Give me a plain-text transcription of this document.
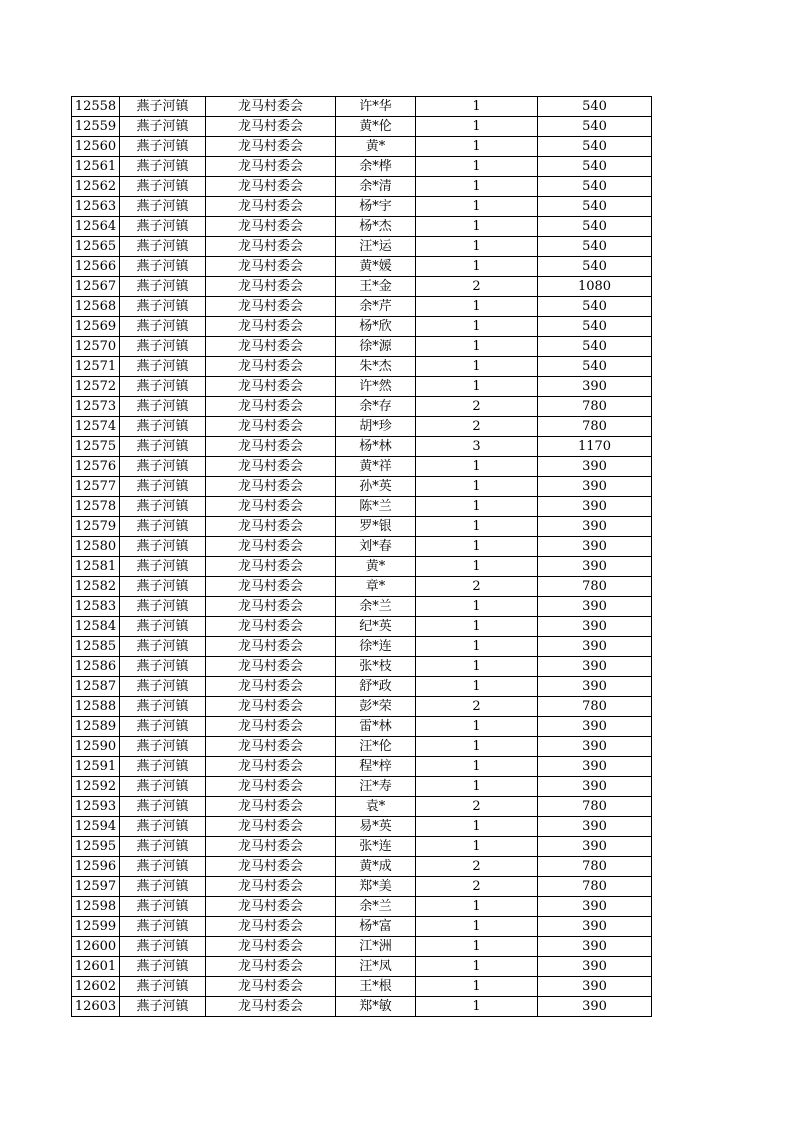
12558	燕子河镇	龙马村委会	许*华	1	540
12559	燕子河镇	龙马村委会	黄*伦	1	540
12560	燕子河镇	龙马村委会	黄*	1	540
12561	燕子河镇	龙马村委会	余*桦	1	540
12562	燕子河镇	龙马村委会	余*清	1	540
12563	燕子河镇	龙马村委会	杨*宇	1	540
12564	燕子河镇	龙马村委会	杨*杰	1	540
12565	燕子河镇	龙马村委会	汪*运	1	540
12566	燕子河镇	龙马村委会	黄*媛	1	540
12567	燕子河镇	龙马村委会	王*金	2	1080
12568	燕子河镇	龙马村委会	余*芹	1	540
12569	燕子河镇	龙马村委会	杨*欣	1	540
12570	燕子河镇	龙马村委会	徐*源	1	540
12571	燕子河镇	龙马村委会	朱*杰	1	540
12572	燕子河镇	龙马村委会	许*然	1	390
12573	燕子河镇	龙马村委会	余*存	2	780
12574	燕子河镇	龙马村委会	胡*珍	2	780
12575	燕子河镇	龙马村委会	杨*林	3	1170
12576	燕子河镇	龙马村委会	黄*祥	1	390
12577	燕子河镇	龙马村委会	孙*英	1	390
12578	燕子河镇	龙马村委会	陈*兰	1	390
12579	燕子河镇	龙马村委会	罗*银	1	390
12580	燕子河镇	龙马村委会	刘*春	1	390
12581	燕子河镇	龙马村委会	黄*	1	390
12582	燕子河镇	龙马村委会	章*	2	780
12583	燕子河镇	龙马村委会	余*兰	1	390
12584	燕子河镇	龙马村委会	纪*英	1	390
12585	燕子河镇	龙马村委会	徐*连	1	390
12586	燕子河镇	龙马村委会	张*枝	1	390
12587	燕子河镇	龙马村委会	舒*政	1	390
12588	燕子河镇	龙马村委会	彭*荣	2	780
12589	燕子河镇	龙马村委会	雷*林	1	390
12590	燕子河镇	龙马村委会	汪*伦	1	390
12591	燕子河镇	龙马村委会	程*梓	1	390
12592	燕子河镇	龙马村委会	汪*寿	1	390
12593	燕子河镇	龙马村委会	袁*	2	780
12594	燕子河镇	龙马村委会	易*英	1	390
12595	燕子河镇	龙马村委会	张*连	1	390
12596	燕子河镇	龙马村委会	黄*成	2	780
12597	燕子河镇	龙马村委会	郑*美	2	780
12598	燕子河镇	龙马村委会	余*兰	1	390
12599	燕子河镇	龙马村委会	杨*富	1	390
12600	燕子河镇	龙马村委会	江*洲	1	390
12601	燕子河镇	龙马村委会	汪*凤	1	390
12602	燕子河镇	龙马村委会	王*根	1	390
12603	燕子河镇	龙马村委会	郑*敏	1	390
